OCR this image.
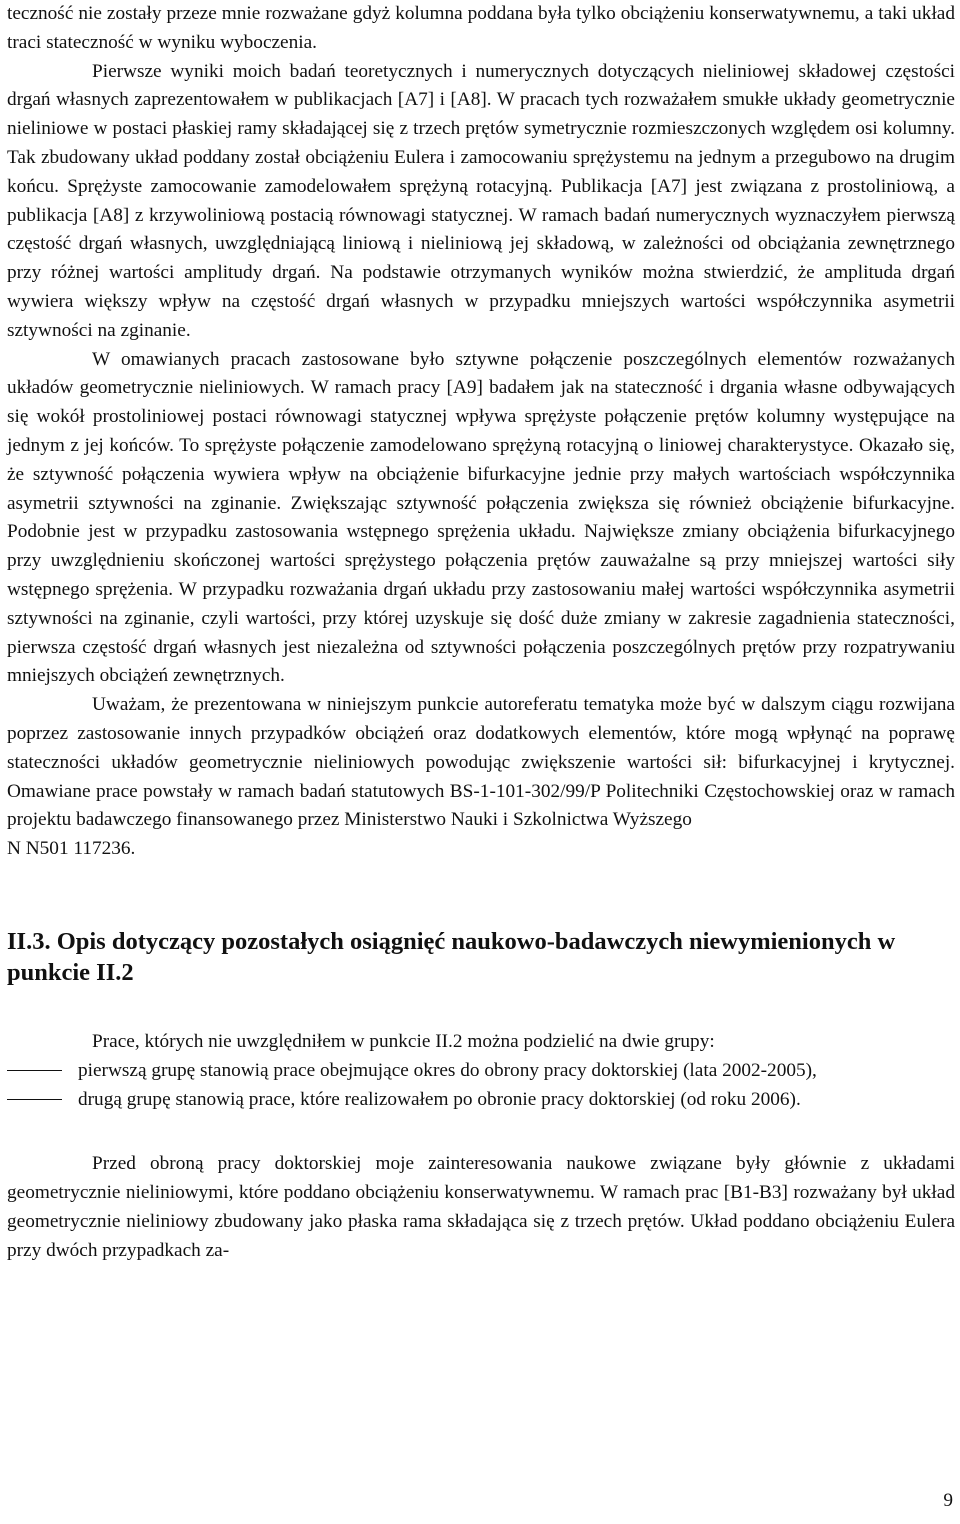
teczność nie zostały przeze mnie rozważane gdyż kolumna poddana była tylko obciążeniu konserwatywnemu, a taki układ traci stateczność w wyniku wyboczenia.

Pierwsze wyniki moich badań teoretycznych i numerycznych dotyczących nieliniowej składowej częstości drgań własnych zaprezentowałem w publikacjach [A7] i [A8]. W pracach tych rozważałem smukłe układy geometrycznie nieliniowe w postaci płaskiej ramy składającej się z trzech prętów symetrycznie rozmieszczonych względem osi kolumny. Tak zbudowany układ poddany został obciążeniu Eulera i zamocowaniu sprężystemu na jednym a przegubowo na drugim końcu. Sprężyste zamocowanie zamodelowałem sprężyną rotacyjną. Publikacja [A7] jest związana z prostoliniową, a publikacja [A8] z krzywoliniową postacią równowagi statycznej. W ramach badań numerycznych wyznaczyłem pierwszą częstość drgań własnych, uwzględniającą liniową i nieliniową jej składową, w zależności od obciążania zewnętrznego przy różnej wartości amplitudy drgań. Na podstawie otrzymanych wyników można stwierdzić, że amplituda drgań wywiera większy wpływ na częstość drgań własnych w przypadku mniejszych wartości współczynnika asymetrii sztywności na zginanie.

W omawianych pracach zastosowane było sztywne połączenie poszczególnych elementów rozważanych układów geometrycznie nieliniowych. W ramach pracy [A9] badałem jak na stateczność i drgania własne odbywających się wokół prostoliniowej postaci równowagi statycznej wpływa sprężyste połączenie prętów kolumny występujące na jednym z jej końców. To sprężyste połączenie zamodelowano sprężyną rotacyjną o liniowej charakterystyce. Okazało się, że sztywność połączenia wywiera wpływ na obciążenie bifurkacyjne jednie przy małych wartościach współczynnika asymetrii sztywności na zginanie. Zwiększając sztywność połączenia zwiększa się również obciążenie bifurkacyjne. Podobnie jest w przypadku zastosowania wstępnego sprężenia układu. Największe zmiany obciążenia bifurkacyjnego przy uwzględnieniu skończonej wartości sprężystego połączenia prętów zauważalne są przy mniejszej wartości siły wstępnego sprężenia. W przypadku rozważania drgań układu przy zastosowaniu małej wartości współczynnika asymetrii sztywności na zginanie, czyli wartości, przy której uzyskuje się dość duże zmiany w zakresie zagadnienia stateczności, pierwsza częstość drgań własnych jest niezależna od sztywności połączenia poszczególnych prętów przy rozpatrywaniu mniejszych obciążeń zewnętrznych.

Uważam, że prezentowana w niniejszym punkcie autoreferatu tematyka może być w dalszym ciągu rozwijana poprzez zastosowanie innych przypadków obciążeń oraz dodatkowych elementów, które mogą wpłynąć na poprawę stateczności układów geometrycznie nieliniowych powodując zwiększenie wartości sił: bifurkacyjnej i krytycznej. Omawiane prace powstały w ramach badań statutowych BS-1-101-302/99/P Politechniki Częstochowskiej oraz w ramach projektu badawczego finansowanego przez Ministerstwo Nauki i Szkolnictwa Wyższego

N N501 117236.

II.3. Opis dotyczący pozostałych osiągnięć naukowo-badawczych niewymienionych w punkcie II.2

Prace, których nie uwzględniłem w punkcie II.2 można podzielić na dwie grupy:

pierwszą grupę stanowią prace obejmujące okres do obrony pracy doktorskiej (lata 2002-2005),
drugą grupę stanowią prace, które realizowałem po obronie pracy doktorskiej (od roku 2006).

Przed obroną pracy doktorskiej moje zainteresowania naukowe związane były głównie z układami geometrycznie nieliniowymi, które poddano obciążeniu konserwatywnemu. W ramach prac [B1-B3] rozważany był układ geometrycznie nieliniowy zbudowany jako płaska rama składająca się z trzech prętów. Układ poddano obciążeniu Eulera przy dwóch przypadkach za-

9
